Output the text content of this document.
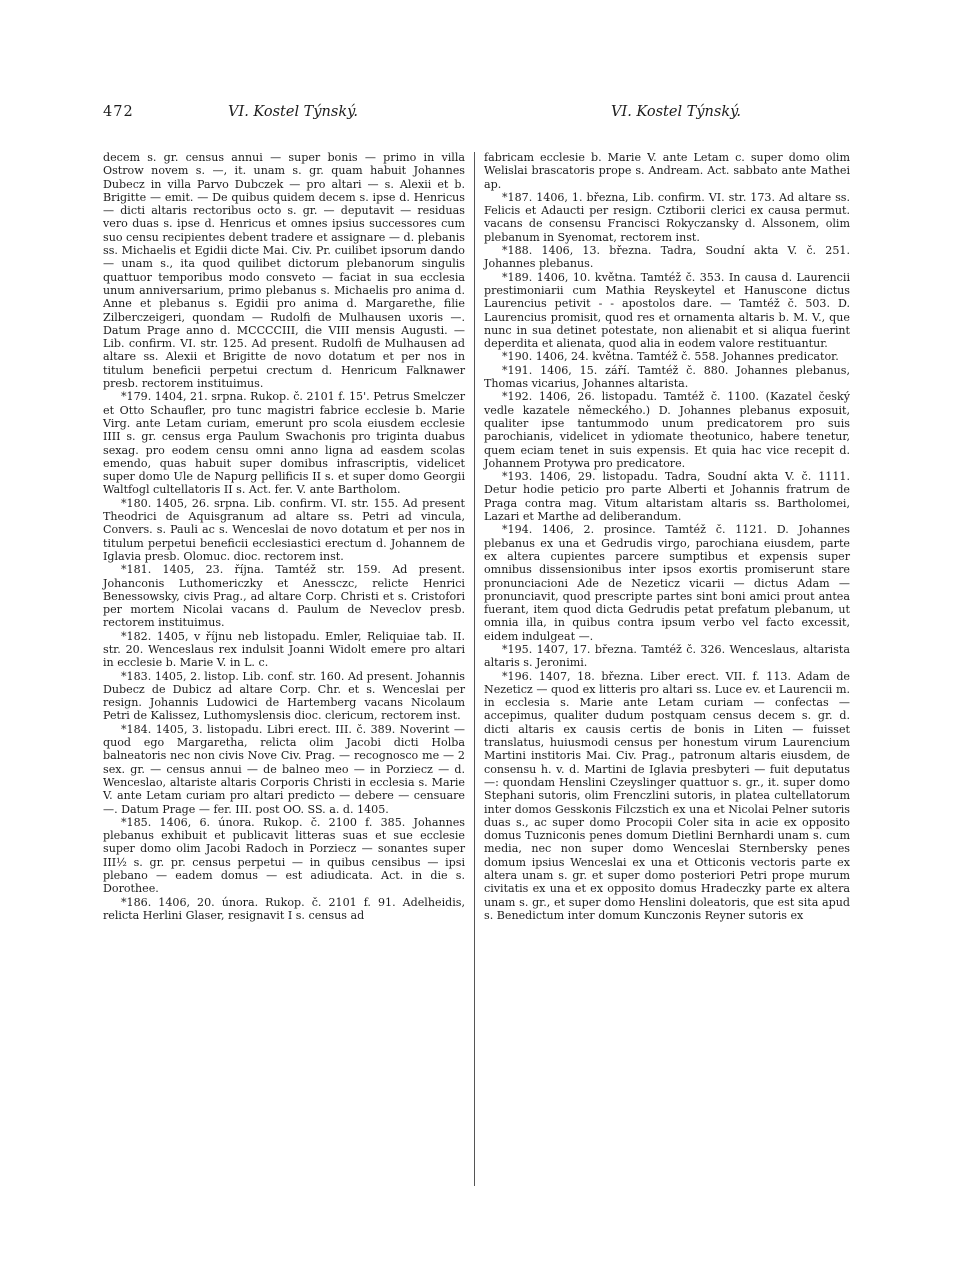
472	VI. Kostel Týnský.	VI. Kostel Týnský.

decem s. gr. census annui — super bonis — primo in villa Ostrow novem s. —, it. unam s. gr. quam habuit Johannes Dubecz in villa Parvo Dubczek — pro altari — s. Alexii et b. Brigitte — emit. — De quibus quidem decem s. ipse d. Henricus — dicti altaris rectoribus octo s. gr. — deputavit — residuas vero duas s. ipse d. Henricus et omnes ipsius successores cum suo censu recipientes debent tradere et assignare — d. plebanis ss. Michaelis et Egidii dicte Mai. Civ. Pr. cuilibet ipsorum dando — unam s., ita quod quilibet dictorum plebanorum singulis quattuor temporibus modo consveto — faciat in sua ecclesia unum anniversarium, primo plebanus s. Michaelis pro anima d. Anne et plebanus s. Egidii pro anima d. Margarethe, filie Zilberczeigeri, quondam — Rudolfi de Mulhausen uxoris —. Datum Prage anno d. MCCCCIII, die VIII mensis Augusti. — Lib. confirm. VI. str. 125. Ad present. Rudolfi de Mulhausen ad altare ss. Alexii et Brigitte de novo dotatum et per nos in titulum beneficii perpetui crectum d. Henricum Falknawer presb. rectorem instituimus.

*179. 1404, 21. srpna. Rukop. č. 2101 f. 15'. Petrus Smelczer et Otto Schaufler, pro tunc magistri fabrice ecclesie b. Marie Virg. ante Letam curiam, emerunt pro scola eiusdem ecclesie IIII s. gr. census erga Paulum Swachonis pro triginta duabus sexag. pro eodem censu omni anno ligna ad easdem scolas emendo, quas habuit super domibus infrascriptis, videlicet super domo Ule de Napurg pellificis II s. et super domo Georgii Waltfogl cultellatoris II s. Act. fer. V. ante Bartholom.

*180. 1405, 26. srpna. Lib. confirm. VI. str. 155. Ad present Theodrici de Aquisgranum ad altare ss. Petri ad vincula, Convers. s. Pauli ac s. Wenceslai de novo dotatum et per nos in titulum perpetui beneficii ecclesiastici erectum d. Johannem de Iglavia presb. Olomuc. dioc. rectorem inst.

*181. 1405, 23. října. Tamtéž str. 159. Ad present. Johanconis Luthomericzky et Anessczc, relicte Henrici Benessowsky, civis Prag., ad altare Corp. Christi et s. Cristofori per mortem Nicolai vacans d. Paulum de Neveclov presb. rectorem instituimus.

*182. 1405, v říjnu neb listopadu. Emler, Reliquiae tab. II. str. 20. Wenceslaus rex indulsit Joanni Widolt emere pro altari in ecclesie b. Marie V. in L. c.

*183. 1405, 2. listop. Lib. conf. str. 160. Ad present. Johannis Dubecz de Dubicz ad altare Corp. Chr. et s. Wenceslai per resign. Johannis Ludowici de Hartemberg vacans Nicolaum Petri de Kalissez, Luthomyslensis dioc. clericum, rectorem inst.

*184. 1405, 3. listopadu. Libri erect. III. č. 389. Noverint — quod ego Margaretha, relicta olim Jacobi dicti Holba balneatoris nec non civis Nove Civ. Prag. — recognosco me — 2 sex. gr. — census annui — de balneo meo — in Porziecz — d. Wenceslao, altariste altaris Corporis Christi in ecclesia s. Marie V. ante Letam curiam pro altari predicto — debere — censuare —. Datum Prage — fer. III. post OO. SS. a. d. 1405.

*185. 1406, 6. února. Rukop. č. 2100 f. 385. Johannes plebanus exhibuit et publicavit litteras suas et sue ecclesie super domo olim Jacobi Radoch in Porziecz — sonantes super III½ s. gr. pr. census perpetui — in quibus censibus — ipsi plebano — eadem domus — est adiudicata. Act. in die s. Dorothee.

*186. 1406, 20. února. Rukop. č. 2101 f. 91. Adelheidis, relicta Herlini Glaser, resignavit I s. census ad

fabricam ecclesie b. Marie V. ante Letam c. super domo olim Welislai brascatoris prope s. Andream. Act. sabbato ante Mathei ap.

*187. 1406, 1. března, Lib. confirm. VI. str. 173. Ad altare ss. Felicis et Adaucti per resign. Cztiborii clerici ex causa permut. vacans de consensu Francisci Rokyczansky d. Alssonem, olim plebanum in Syenomat, rectorem inst.

*188. 1406, 13. března. Tadra, Soudní akta V. č. 251. Johannes plebanus.

*189. 1406, 10. května. Tamtéž č. 353. In causa d. Laurencii prestimoniarii cum Mathia Reyskeytel et Hanuscone dictus Laurencius petivit - - apostolos dare. — Tamtéž č. 503. D. Laurencius promisit, quod res et ornamenta altaris b. M. V., que nunc in sua detinet potestate, non alienabit et si aliqua fuerint deperdita et alienata, quod alia in eodem valore restituantur.

*190. 1406, 24. května. Tamtéž č. 558. Johannes predicator.

*191. 1406, 15. září. Tamtéž č. 880. Johannes plebanus, Thomas vicarius, Johannes altarista.

*192. 1406, 26. listopadu. Tamtéž č. 1100. (Kazatel český vedle kazatele německého.) D. Johannes plebanus exposuit, qualiter ipse tantummodo unum predicatorem pro suis parochianis, videlicet in ydiomate theotunico, habere tenetur, quem eciam tenet in suis expensis. Et quia hac vice recepit d. Johannem Protywa pro predicatore.

*193. 1406, 29. listopadu. Tadra, Soudní akta V. č. 1111. Detur hodie peticio pro parte Alberti et Johannis fratrum de Praga contra mag. Vitum altaristam altaris ss. Bartholomei, Lazari et Marthe ad deliberandum.

*194. 1406, 2. prosince. Tamtéž č. 1121. D. Johannes plebanus ex una et Gedrudis virgo, parochiana eiusdem, parte ex altera cupientes parcere sumptibus et expensis super omnibus dissensionibus inter ipsos exortis promiserunt stare pronunciacioni Ade de Nezeticz vicarii — dictus Adam — pronunciavit, quod prescripte partes sint boni amici prout antea fuerant, item quod dicta Gedrudis petat prefatum plebanum, ut omnia illa, in quibus contra ipsum verbo vel facto excessit, eidem indulgeat —.

*195. 1407, 17. března. Tamtéž č. 326. Wenceslaus, altarista altaris s. Jeronimi.

*196. 1407, 18. března. Liber erect. VII. f. 113. Adam de Nezeticz — quod ex litteris pro altari ss. Luce ev. et Laurencii m. in ecclesia s. Marie ante Letam curiam — confectas — accepimus, qualiter dudum postquam census decem s. gr. d. dicti altaris ex causis certis de bonis in Liten — fuisset translatus, huiusmodi census per honestum virum Laurencium Martini institoris Mai. Civ. Prag., patronum altaris eiusdem, de consensu h. v. d. Martini de Iglavia presbyteri — fuit deputatus —: quondam Henslini Czeyslinger quattuor s. gr., it. super domo Stephani sutoris, olim Frenczlini sutoris, in platea cultellatorum inter domos Gesskonis Filczstich ex una et Nicolai Pelner sutoris duas s., ac super domo Procopii Coler sita in acie ex opposito domus Tuzniconis penes domum Dietlini Bernhardi unam s. cum media, nec non super domo Wenceslai Sternbersky penes domum ipsius Wenceslai ex una et Otticonis vectoris parte ex altera unam s. gr. et super domo posteriori Petri prope murum civitatis ex una et ex opposito domus Hradeczky parte ex altera unam s. gr., et super domo Henslini doleatoris, que est sita apud s. Benedictum inter domum Kunczonis Reyner sutoris ex
